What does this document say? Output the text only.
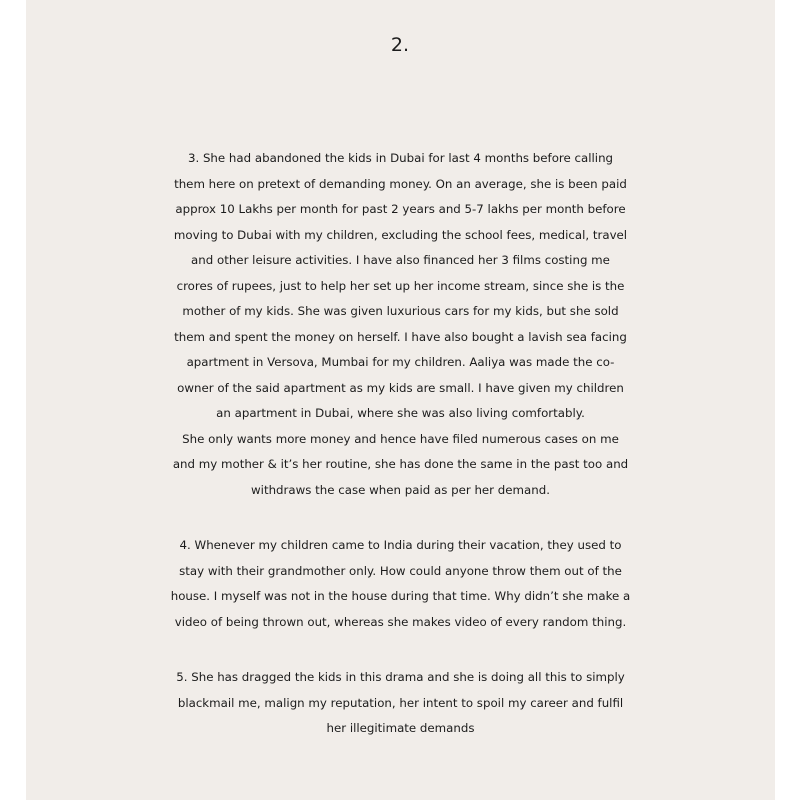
2.

3. She had abandoned the kids in Dubai for last 4 months before calling
them here on pretext of demanding money. On an average, she is been paid
approx 10 Lakhs per month for past 2 years and 5-7 lakhs per month before
moving to Dubai with my children, excluding the school fees, medical, travel
and other leisure activities. I have also financed her 3 films costing me
crores of rupees, just to help her set up her income stream, since she is the
mother of my kids. She was given luxurious cars for my kids, but she sold
them and spent the money on herself. I have also bought a lavish sea facing
apartment in Versova, Mumbai for my children. Aaliya was made the co-
owner of the said apartment as my kids are small. I have given my children
an apartment in Dubai, where she was also living comfortably.
She only wants more money and hence have filed numerous cases on me
and my mother & it’s her routine, she has done the same in the past too and
withdraws the case when paid as per her demand.

4. Whenever my children came to India during their vacation, they used to
stay with their grandmother only. How could anyone throw them out of the
house. I myself was not in the house during that time. Why didn’t she make a
video of being thrown out, whereas she makes video of every random thing.

5. She has dragged the kids in this drama and she is doing all this to simply
blackmail me, malign my reputation, her intent to spoil my career and fulfil
her illegitimate demands
